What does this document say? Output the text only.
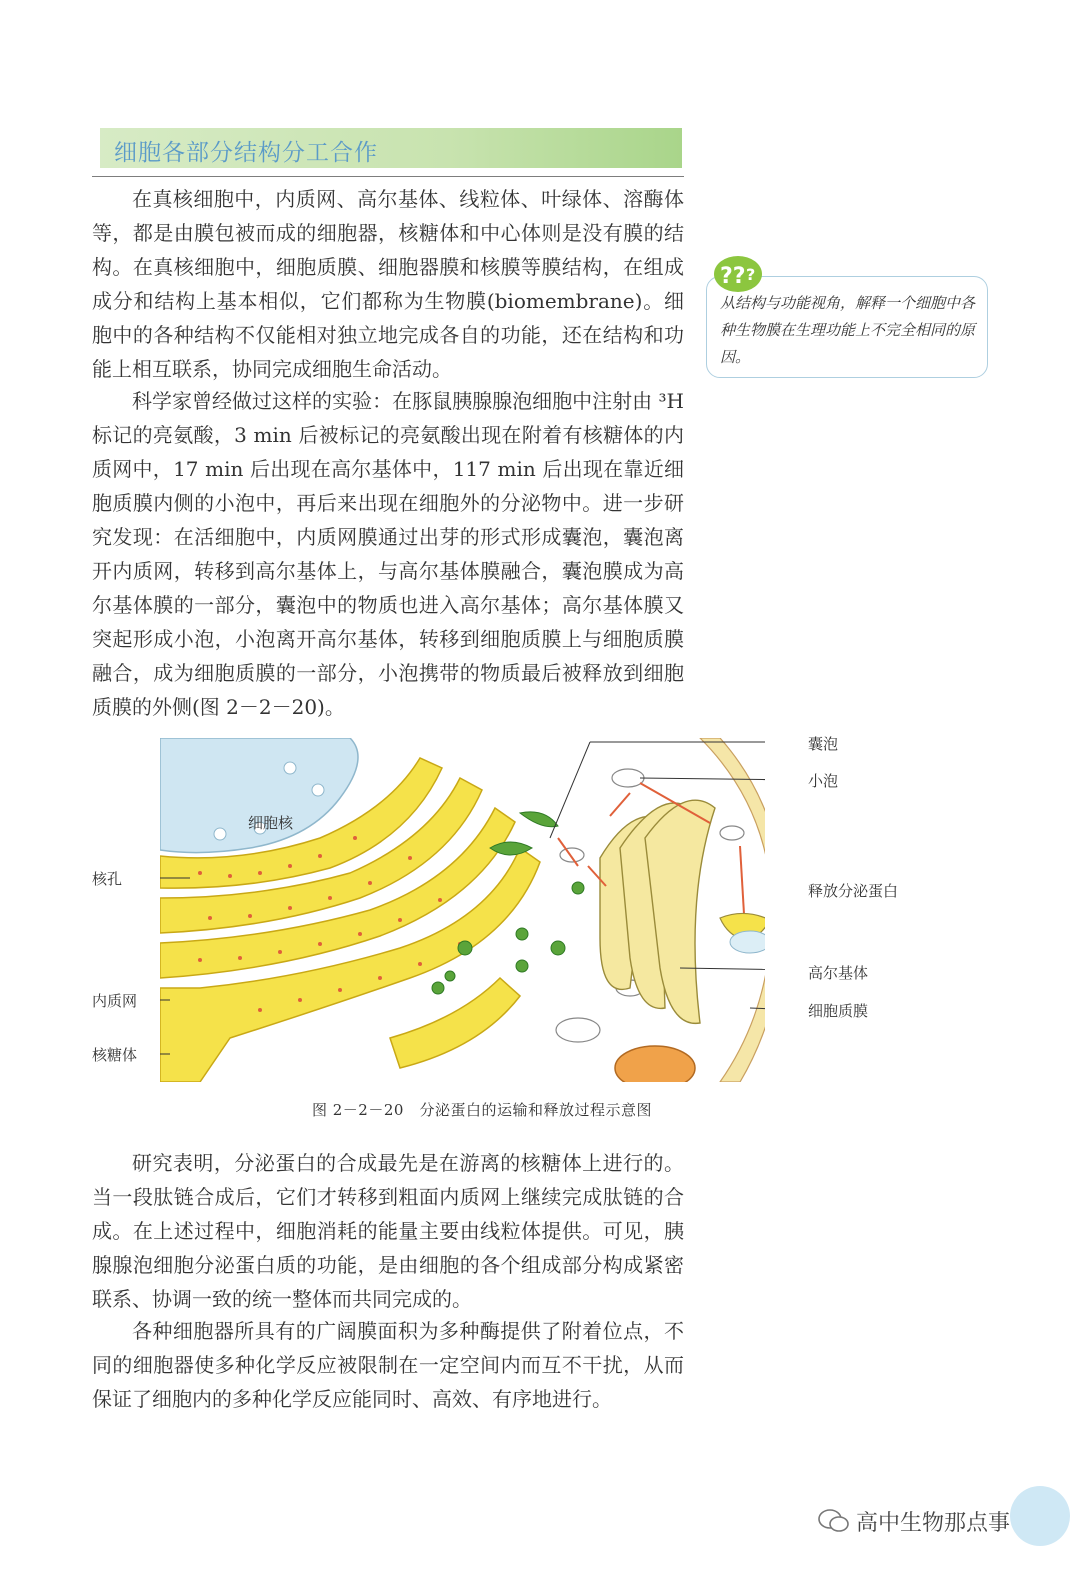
细胞各部分结构分工合作

在真核细胞中，内质网、高尔基体、线粒体、叶绿体、溶酶体等，都是由膜包被而成的细胞器，核糖体和中心体则是没有膜的结构。在真核细胞中，细胞质膜、细胞器膜和核膜等膜结构，在组成成分和结构上基本相似，它们都称为生物膜(biomembrane)。细胞中的各种结构不仅能相对独立地完成各自的功能，还在结构和功能上相互联系，协同完成细胞生命活动。

科学家曾经做过这样的实验：在豚鼠胰腺腺泡细胞中注射由 ³H 标记的亮氨酸，3 min 后被标记的亮氨酸出现在附着有核糖体的内质网中，17 min 后出现在高尔基体中，117 min 后出现在靠近细胞质膜内侧的小泡中，再后来出现在细胞外的分泌物中。进一步研究发现：在活细胞中，内质网膜通过出芽的形式形成囊泡，囊泡离开内质网，转移到高尔基体上，与高尔基体膜融合，囊泡膜成为高尔基体膜的一部分，囊泡中的物质也进入高尔基体；高尔基体膜又突起形成小泡，小泡离开高尔基体，转移到细胞质膜上与细胞质膜融合，成为细胞质膜的一部分，小泡携带的物质最后被释放到细胞质膜的外侧(图 2－2－20)。

?? ?

从结构与功能视角，解释一个细胞中各种生物膜在生理功能上不完全相同的原因。

细胞核
核孔
内质网
核糖体
囊泡
小泡
释放分泌蛋白
高尔基体
细胞质膜
图 2－2－20　分泌蛋白的运输和释放过程示意图

研究表明，分泌蛋白的合成最先是在游离的核糖体上进行的。当一段肽链合成后，它们才转移到粗面内质网上继续完成肽链的合成。在上述过程中，细胞消耗的能量主要由线粒体提供。可见，胰腺腺泡细胞分泌蛋白质的功能，是由细胞的各个组成部分构成紧密联系、协调一致的统一整体而共同完成的。

各种细胞器所具有的广阔膜面积为多种酶提供了附着位点，不同的细胞器使多种化学反应被限制在一定空间内而互不干扰，从而保证了细胞内的多种化学反应能同时、高效、有序地进行。

高中生物那点事
